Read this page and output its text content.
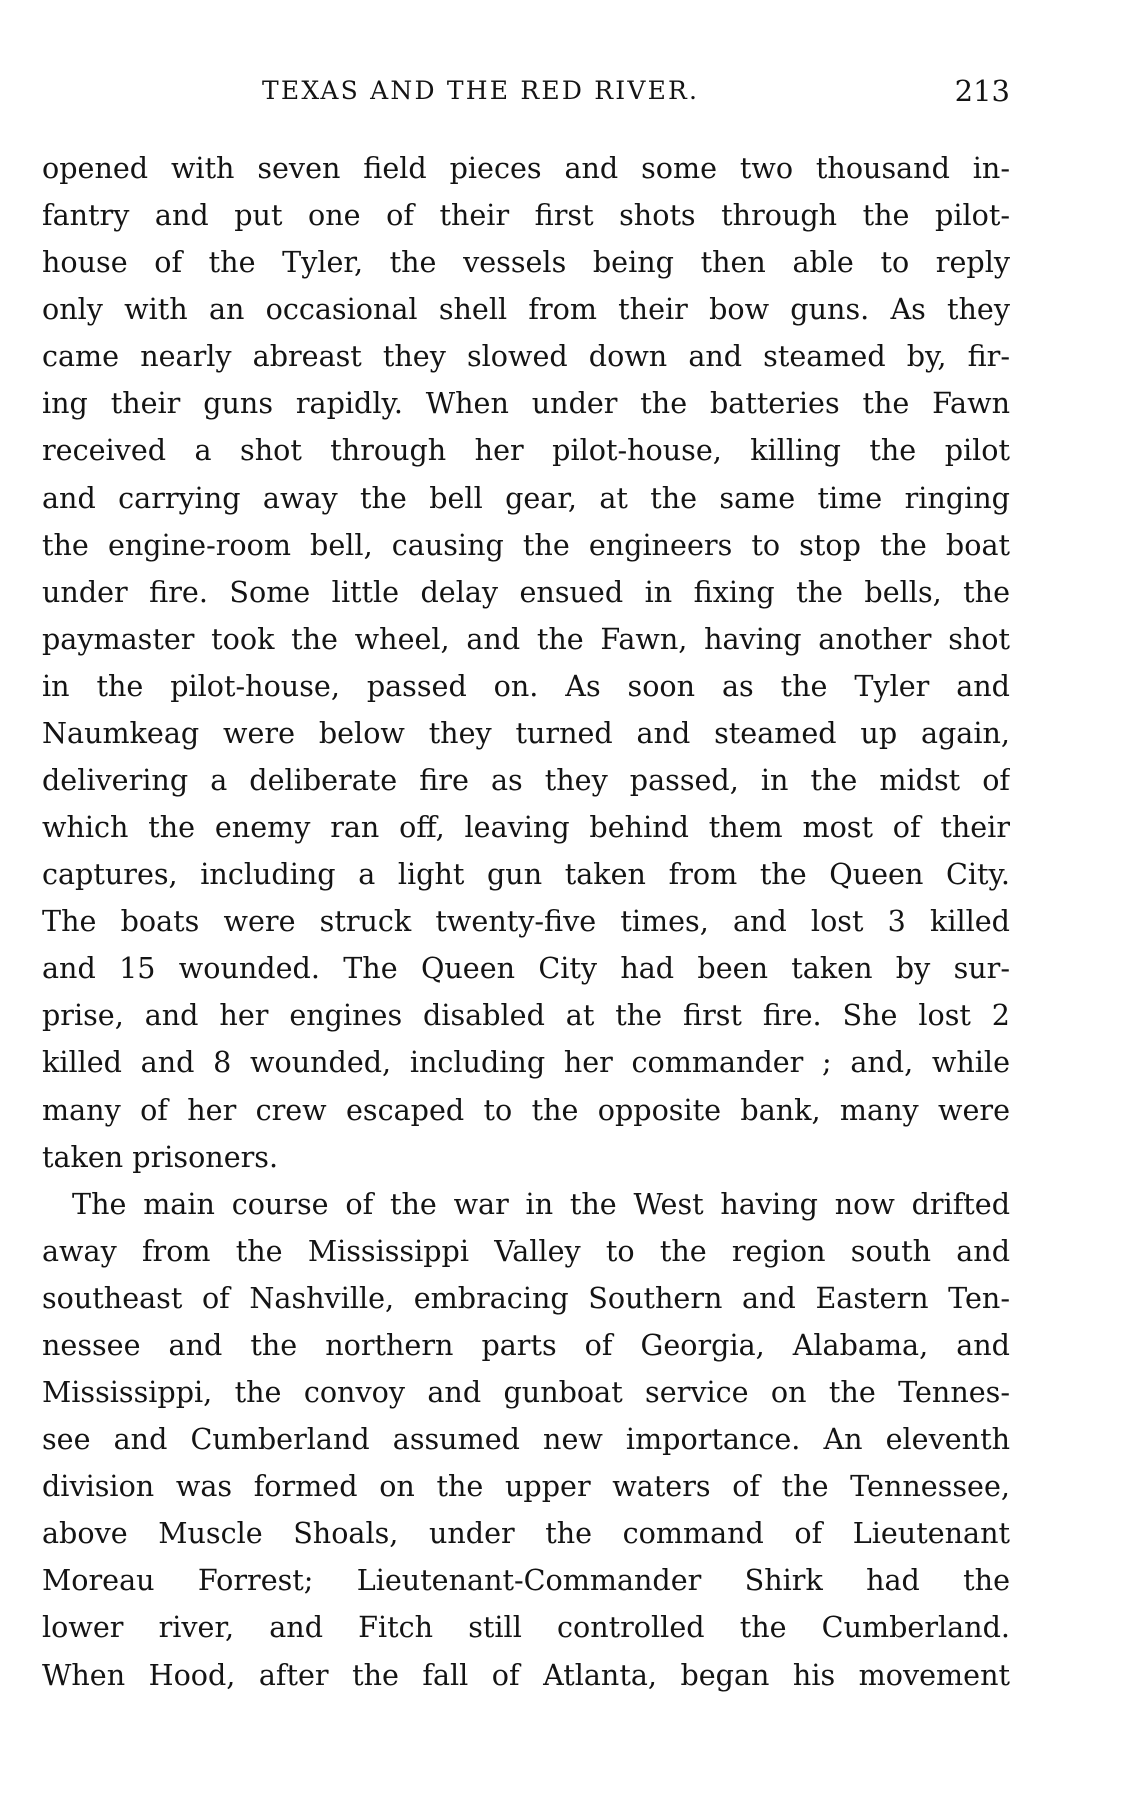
TEXAS AND THE RED RIVER.	213
opened with seven field pieces and some two thousand in-
fantry and put one of their first shots through the pilot-
house of the Tyler, the vessels being then able to reply
only with an occasional shell from their bow guns. As they
came nearly abreast they slowed down and steamed by, fir-
ing their guns rapidly. When under the batteries the Fawn
received a shot through her pilot-house, killing the pilot
and carrying away the bell gear, at the same time ringing
the engine-room bell, causing the engineers to stop the boat
under fire. Some little delay ensued in fixing the bells, the
paymaster took the wheel, and the Fawn, having another shot
in the pilot-house, passed on. As soon as the Tyler and
Naumkeag were below they turned and steamed up again,
delivering a deliberate fire as they passed, in the midst of
which the enemy ran off, leaving behind them most of their
captures, including a light gun taken from the Queen City.
The boats were struck twenty-five times, and lost 3 killed
and 15 wounded. The Queen City had been taken by sur-
prise, and her engines disabled at the first fire. She lost 2
killed and 8 wounded, including her commander ; and, while
many of her crew escaped to the opposite bank, many were
taken prisoners.
The main course of the war in the West having now drifted
away from the Mississippi Valley to the region south and
southeast of Nashville, embracing Southern and Eastern Ten-
nessee and the northern parts of Georgia, Alabama, and
Mississippi, the convoy and gunboat service on the Tennes-
see and Cumberland assumed new importance. An eleventh
division was formed on the upper waters of the Tennessee,
above Muscle Shoals, under the command of Lieutenant
Moreau Forrest; Lieutenant-Commander Shirk had the
lower river, and Fitch still controlled the Cumberland.
When Hood, after the fall of Atlanta, began his movement
